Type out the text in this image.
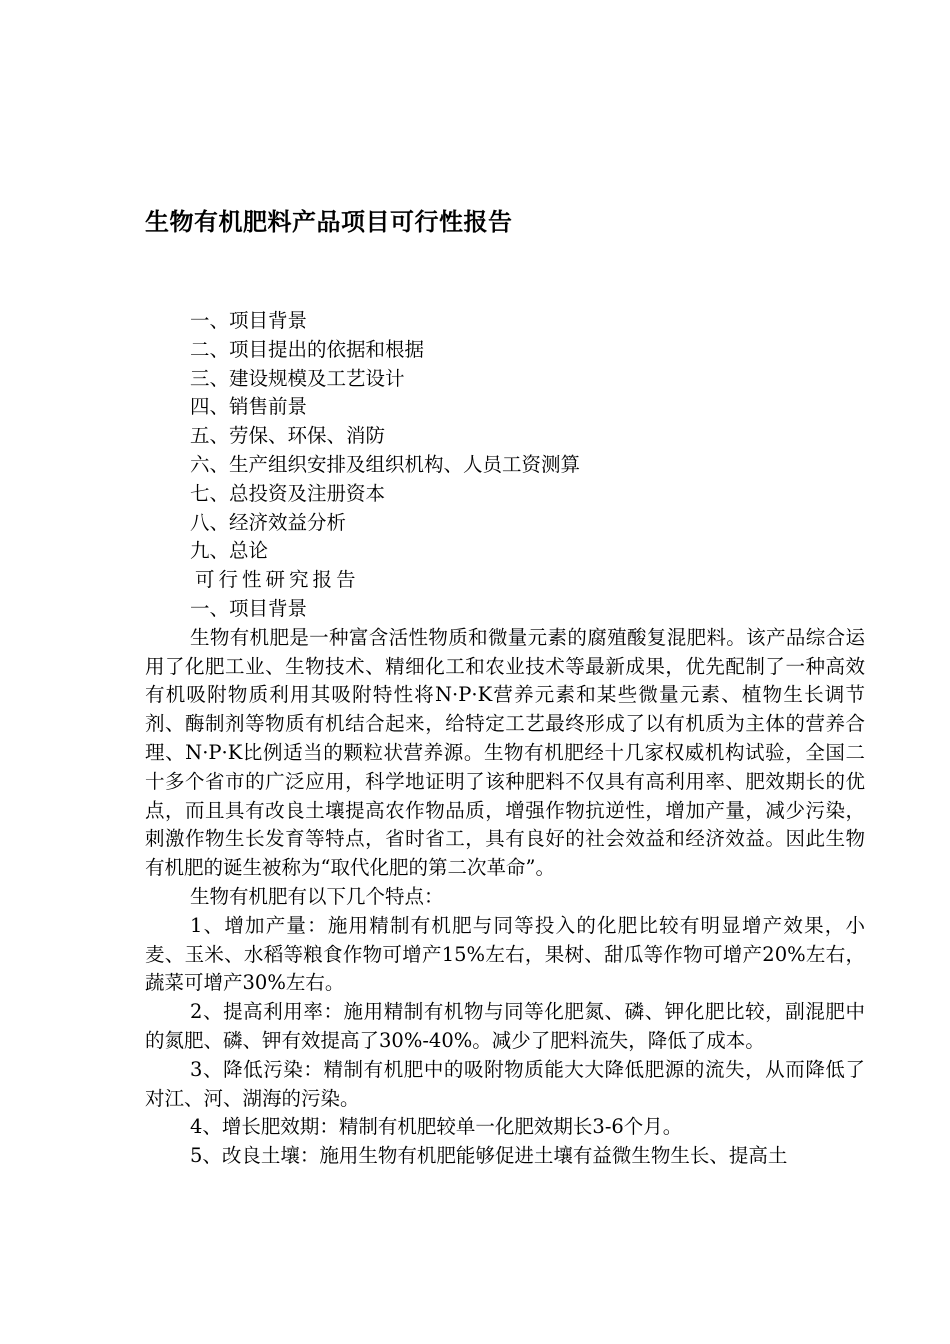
生物有机肥料产品项目可行性报告

一、项目背景

二、项目提出的依据和根据

三、建设规模及工艺设计

四、销售前景

五、劳保、环保、消防

六、生产组织安排及组织机构、人员工资测算

七、总投资及注册资本

八、经济效益分析

九、总论

可行性研究报告

一、项目背景

生物有机肥是一种富含活性物质和微量元素的腐殖酸复混肥料。该产品综合运用了化肥工业、生物技术、精细化工和农业技术等最新成果，优先配制了一种高效有机吸附物质利用其吸附特性将N·P·K营养元素和某些微量元素、植物生长调节剂、酶制剂等物质有机结合起来，给特定工艺最终形成了以有机质为主体的营养合理、N·P·K比例适当的颗粒状营养源。生物有机肥经十几家权威机构试验，全国二十多个省市的广泛应用，科学地证明了该种肥料不仅具有高利用率、肥效期长的优点，而且具有改良土壤提高农作物品质，增强作物抗逆性，增加产量，减少污染，刺激作物生长发育等特点，省时省工，具有良好的社会效益和经济效益。因此生物有机肥的诞生被称为“取代化肥的第二次革命”。

生物有机肥有以下几个特点：

1、增加产量：施用精制有机肥与同等投入的化肥比较有明显增产效果，小麦、玉米、水稻等粮食作物可增产15%左右，果树、甜瓜等作物可增产20%左右，蔬菜可增产30%左右。

2、提高利用率：施用精制有机物与同等化肥氮、磷、钾化肥比较，副混肥中的氮肥、磷、钾有效提高了30%-40%。减少了肥料流失，降低了成本。

3、降低污染：精制有机肥中的吸附物质能大大降低肥源的流失，从而降低了对江、河、湖海的污染。

4、增长肥效期：精制有机肥较单一化肥效期长3-6个月。

5、改良土壤：施用生物有机肥能够促进土壤有益微生物生长、提高土
